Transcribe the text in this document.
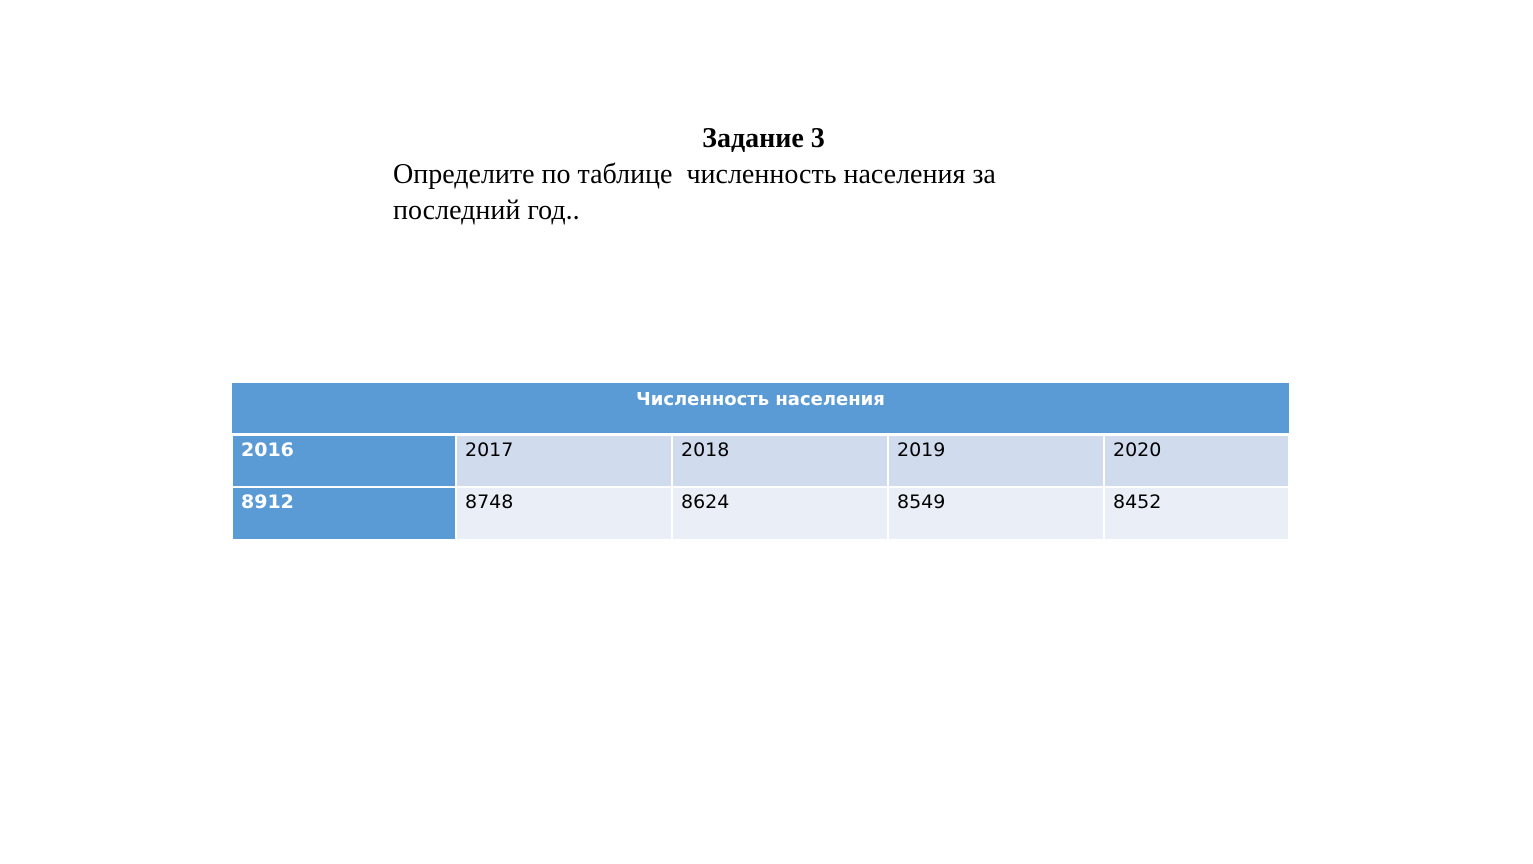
Задание 3
Определите по таблице  численность населения за последний год..
Численность населения				
2016	2017	2018	2019	2020
8912	8748	8624	8549	8452
